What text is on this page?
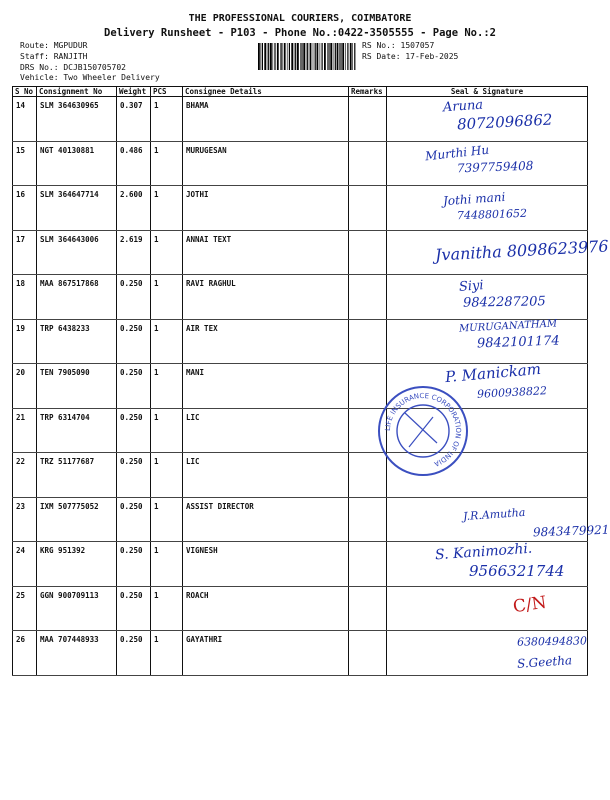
THE PROFESSIONAL COURIERS, COIMBATORE
Delivery Runsheet - P103 - Phone No.:0422-3505555 - Page No.:2
Route: MGPUDUR
Staff: RANJITH
DRS No.: DCJB150705702
Vehicle: Two Wheeler Delivery
RS No.: 1507057
RS Date: 17-Feb-2025
S No	Consignment No	Weight	PCS	Consignee Details	Remarks	Seal & Signature
14	SLM 364630965	0.307	1	BHAMA		Aruna
8072096862

15	NGT 40130881	0.486	1	MURUGESAN		Murthi Hu
7397759408

16	SLM 364647714	2.600	1	JOTHI		Jothi mani
7448801652

17	SLM 364643006	2.619	1	ANNAI TEXT		Jvanitha 8098623976

18	MAA 867517868	0.250	1	RAVI RAGHUL		Siyi
9842287205

19	TRP 6438233	0.250	1	AIR TEX		MURUGANATHAM
9842101174

20	TEN 7905090	0.250	1	MANI		P. Manickam
9600938822

21	TRP 6314704	0.250	1	LIC		
22	TRZ 51177687	0.250	1	LIC		
23	IXM 507775052	0.250	1	ASSIST DIRECTOR		J.R.Amutha
9843479921

24	KRG 951392	0.250	1	VIGNESH		S. Kanimozhi.
9566321744

25	GGN 900709113	0.250	1	ROACH		C/N

26	MAA 707448933	0.250	1	GAYATHRI		6380494830
S.Geetha
LIFE INSURANCE CORPORATION OF INDIA
